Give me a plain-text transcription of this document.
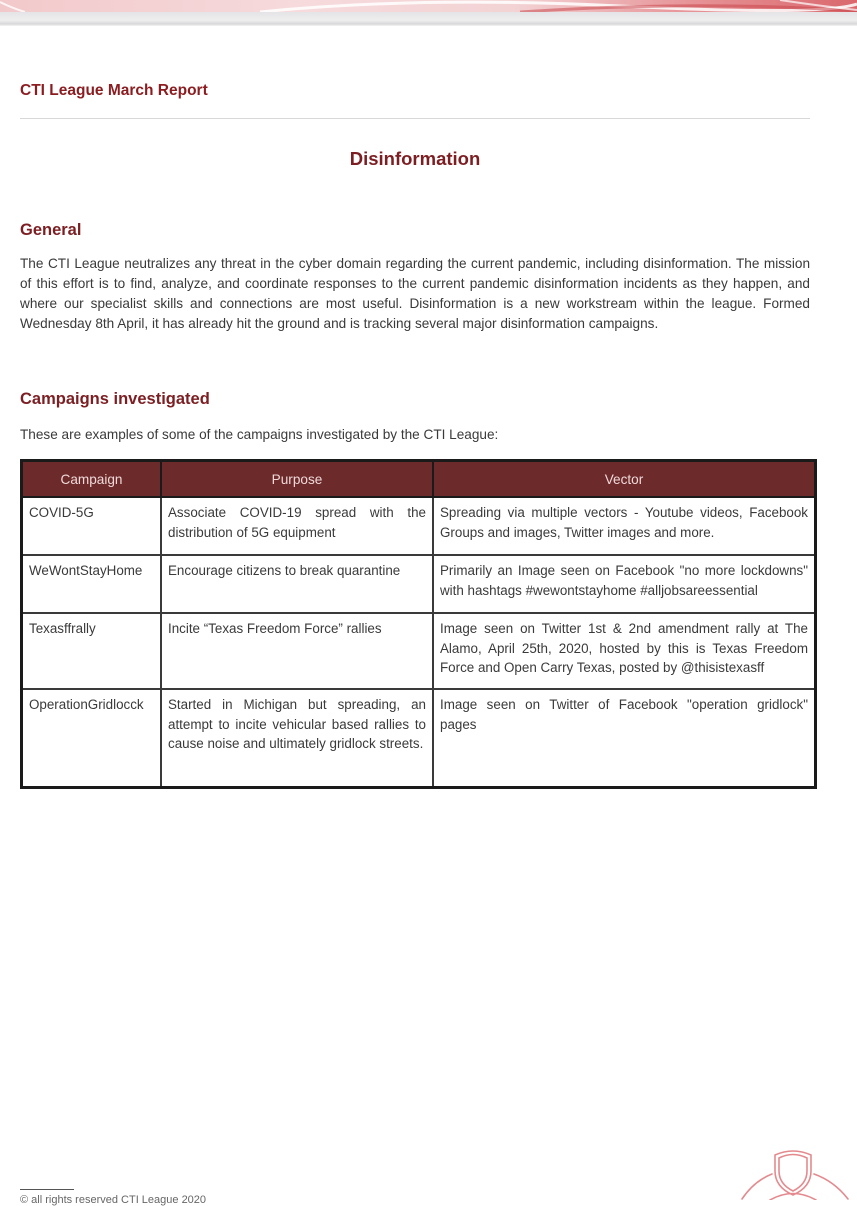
CTI League March Report
Disinformation
General
The CTI League neutralizes any threat in the cyber domain regarding the current pandemic, including disinformation. The mission of this effort is to find, analyze, and coordinate responses to the current pandemic disinformation incidents as they happen, and where our specialist skills and connections are most useful. Disinformation is a new workstream within the league. Formed Wednesday 8th April, it has already hit the ground and is tracking several major disinformation campaigns.
Campaigns investigated
These are examples of some of the campaigns investigated by the CTI League:
Campaign	Purpose	Vector
COVID-5G	Associate COVID-19 spread with the distribution of 5G equipment	Spreading via multiple vectors - Youtube videos, Facebook Groups and images, Twitter images and more.
WeWontStayHome	Encourage citizens to break quarantine	Primarily an Image seen on Facebook "no more lockdowns" with hashtags #wewontstayhome #alljobsareessential
Texasffrally	Incite “Texas Freedom Force” rallies	Image seen on Twitter 1st & 2nd amendment rally at The Alamo, April 25th, 2020, hosted by this is Texas Freedom Force and Open Carry Texas, posted by @thisistexasff
OperationGridlocck	Started in Michigan but spreading, an attempt to incite vehicular based rallies to cause noise and ultimately gridlock streets.	Image seen on Twitter of Facebook "operation gridlock" pages
© all rights reserved CTI League 2020
